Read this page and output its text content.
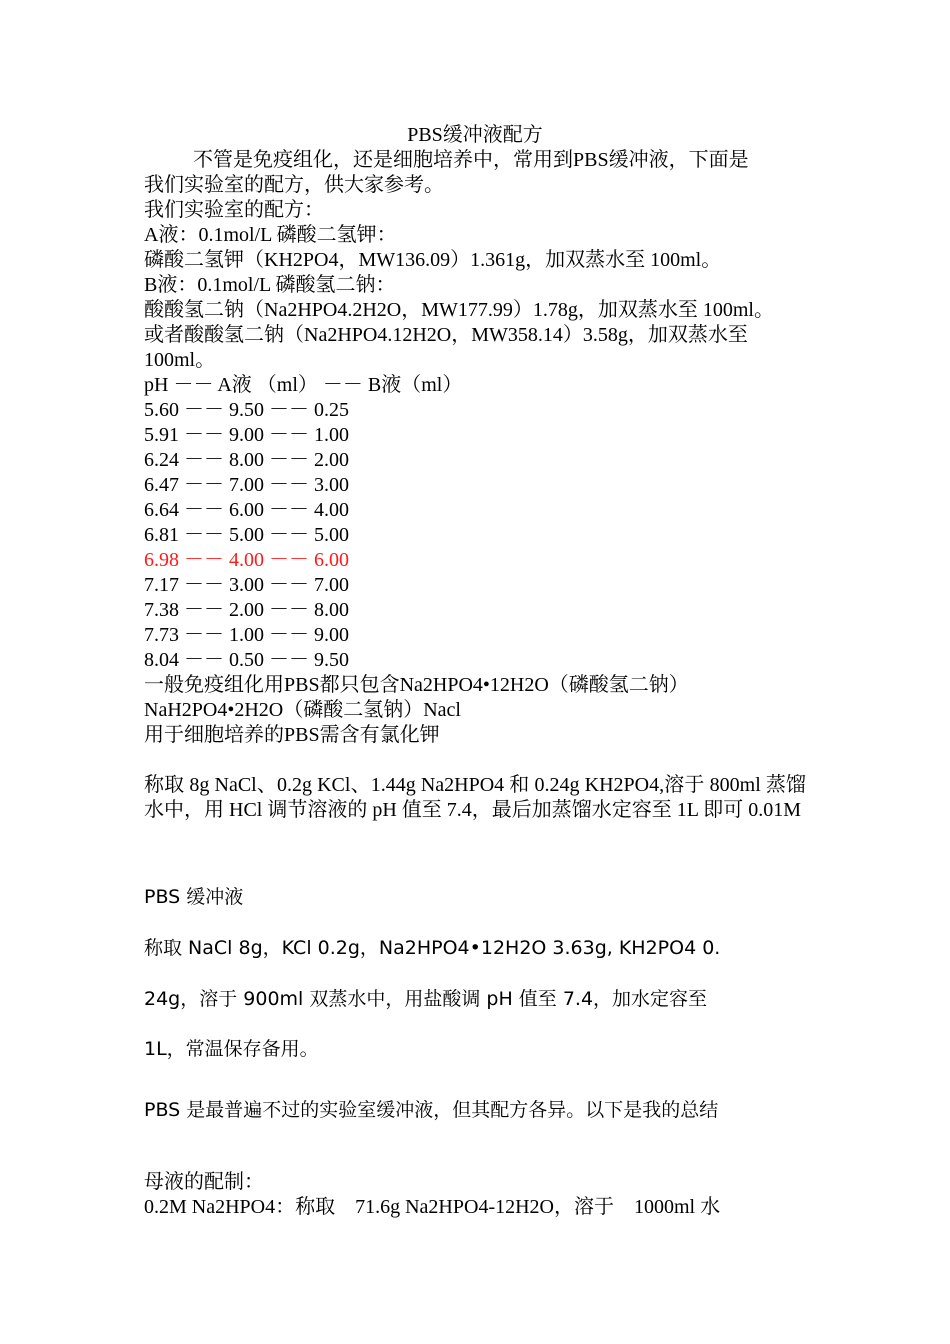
PBS缓冲液配方
不管是免疫组化，还是细胞培养中，常用到PBS缓冲液，下面是
我们实验室的配方，供大家参考。
我们实验室的配方：
A液：0.1mol/L 磷酸二氢钾：
磷酸二氢钾（KH2PO4，MW136.09）1.361g，加双蒸水至 100ml。
B液：0.1mol/L 磷酸氢二钠：
酸酸氢二钠（Na2HPO4.2H2O，MW177.99）1.78g，加双蒸水至 100ml。
或者酸酸氢二钠（Na2HPO4.12H2O，MW358.14）3.58g，加双蒸水至
100ml。
pH －－ A液 （ml） －－ B液（ml）
5.60 －－ 9.50 －－ 0.25
5.91 －－ 9.00 －－ 1.00
6.24 －－ 8.00 －－ 2.00
6.47 －－ 7.00 －－ 3.00
6.64 －－ 6.00 －－ 4.00
6.81 －－ 5.00 －－ 5.00
6.98 －－ 4.00 －－ 6.00
7.17 －－ 3.00 －－ 7.00
7.38 －－ 2.00 －－ 8.00
7.73 －－ 1.00 －－ 9.00
8.04 －－ 0.50 －－ 9.50
一般免疫组化用PBS都只包含Na2HPO4•12H2O（磷酸氢二钠）
NaH2PO4•2H2O（磷酸二氢钠）Nacl
用于细胞培养的PBS需含有氯化钾
称取 8g NaCl、0.2g KCl、1.44g Na2HPO4 和 0.24g KH2PO4,溶于 800ml 蒸馏水中，用 HCl 调节溶液的 pH 值至 7.4，最后加蒸馏水定容至 1L 即可 0.01M
PBS 缓冲液
称取 NaCl 8g，KCl 0.2g，Na2HPO4•12H2O 3.63g, KH2PO4 0.
24g，溶于 900ml 双蒸水中，用盐酸调 pH 值至 7.4，加水定容至
1L，常温保存备用。
PBS 是最普遍不过的实验室缓冲液，但其配方各异。以下是我的总结
母液的配制：
0.2M Na2HPO4：称取　71.6g Na2HPO4-12H2O，溶于　1000ml 水
